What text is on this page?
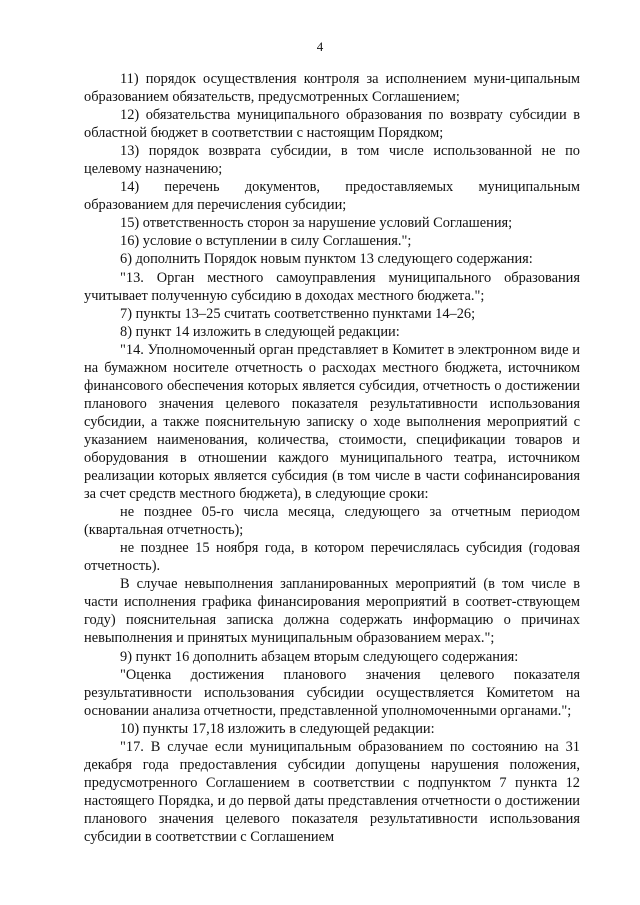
4

11) порядок осуществления контроля за исполнением муни-ципальным образованием обязательств, предусмотренных Соглашением;

12) обязательства муниципального образования по возврату субсидии в областной бюджет в соответствии с настоящим Порядком;

13) порядок возврата субсидии, в том числе использованной не по целевому назначению;

14) перечень документов, предоставляемых муниципальным образованием для перечисления субсидии;

15) ответственность сторон за нарушение условий Соглашения;

16) условие о вступлении в силу Соглашения.";

6) дополнить Порядок новым пунктом 13 следующего содержания:

"13. Орган местного самоуправления муниципального образования учитывает полученную субсидию в доходах местного бюджета.";

7) пункты 13–25 считать соответственно пунктами 14–26;

8) пункт 14 изложить в следующей редакции:

"14. Уполномоченный орган представляет в Комитет в электронном виде и на бумажном носителе отчетность о расходах местного бюджета, источником финансового обеспечения которых является субсидия, отчетность о достижении планового значения целевого показателя результативности использования субсидии, а также пояснительную записку о ходе выполнения мероприятий с указанием наименования, количества, стоимости, спецификации товаров и оборудования в отношении каждого муниципального театра, источником реализации которых является субсидия (в том числе в части софинансирования за счет средств местного бюджета), в следующие сроки:

не позднее 05-го числа месяца, следующего за отчетным периодом (квартальная отчетность);

не позднее 15 ноября года, в котором перечислялась субсидия (годовая отчетность).

В случае невыполнения запланированных мероприятий (в том числе в части исполнения графика финансирования мероприятий в соответ-ствующем году) пояснительная записка должна содержать информацию о причинах невыполнения и принятых муниципальным образованием мерах.";

9) пункт 16 дополнить абзацем вторым следующего содержания:

"Оценка достижения планового значения целевого показателя результативности использования субсидии осуществляется Комитетом на основании анализа отчетности, представленной уполномоченными органами.";

10) пункты 17,18 изложить в следующей редакции:

"17. В случае если муниципальным образованием по состоянию на 31 декабря года предоставления субсидии допущены нарушения положения, предусмотренного Соглашением в соответствии с подпунктом 7 пункта 12 настоящего Порядка, и до первой даты представления отчетности о достижении планового значения целевого показателя результативности использования субсидии в соответствии с Соглашением
